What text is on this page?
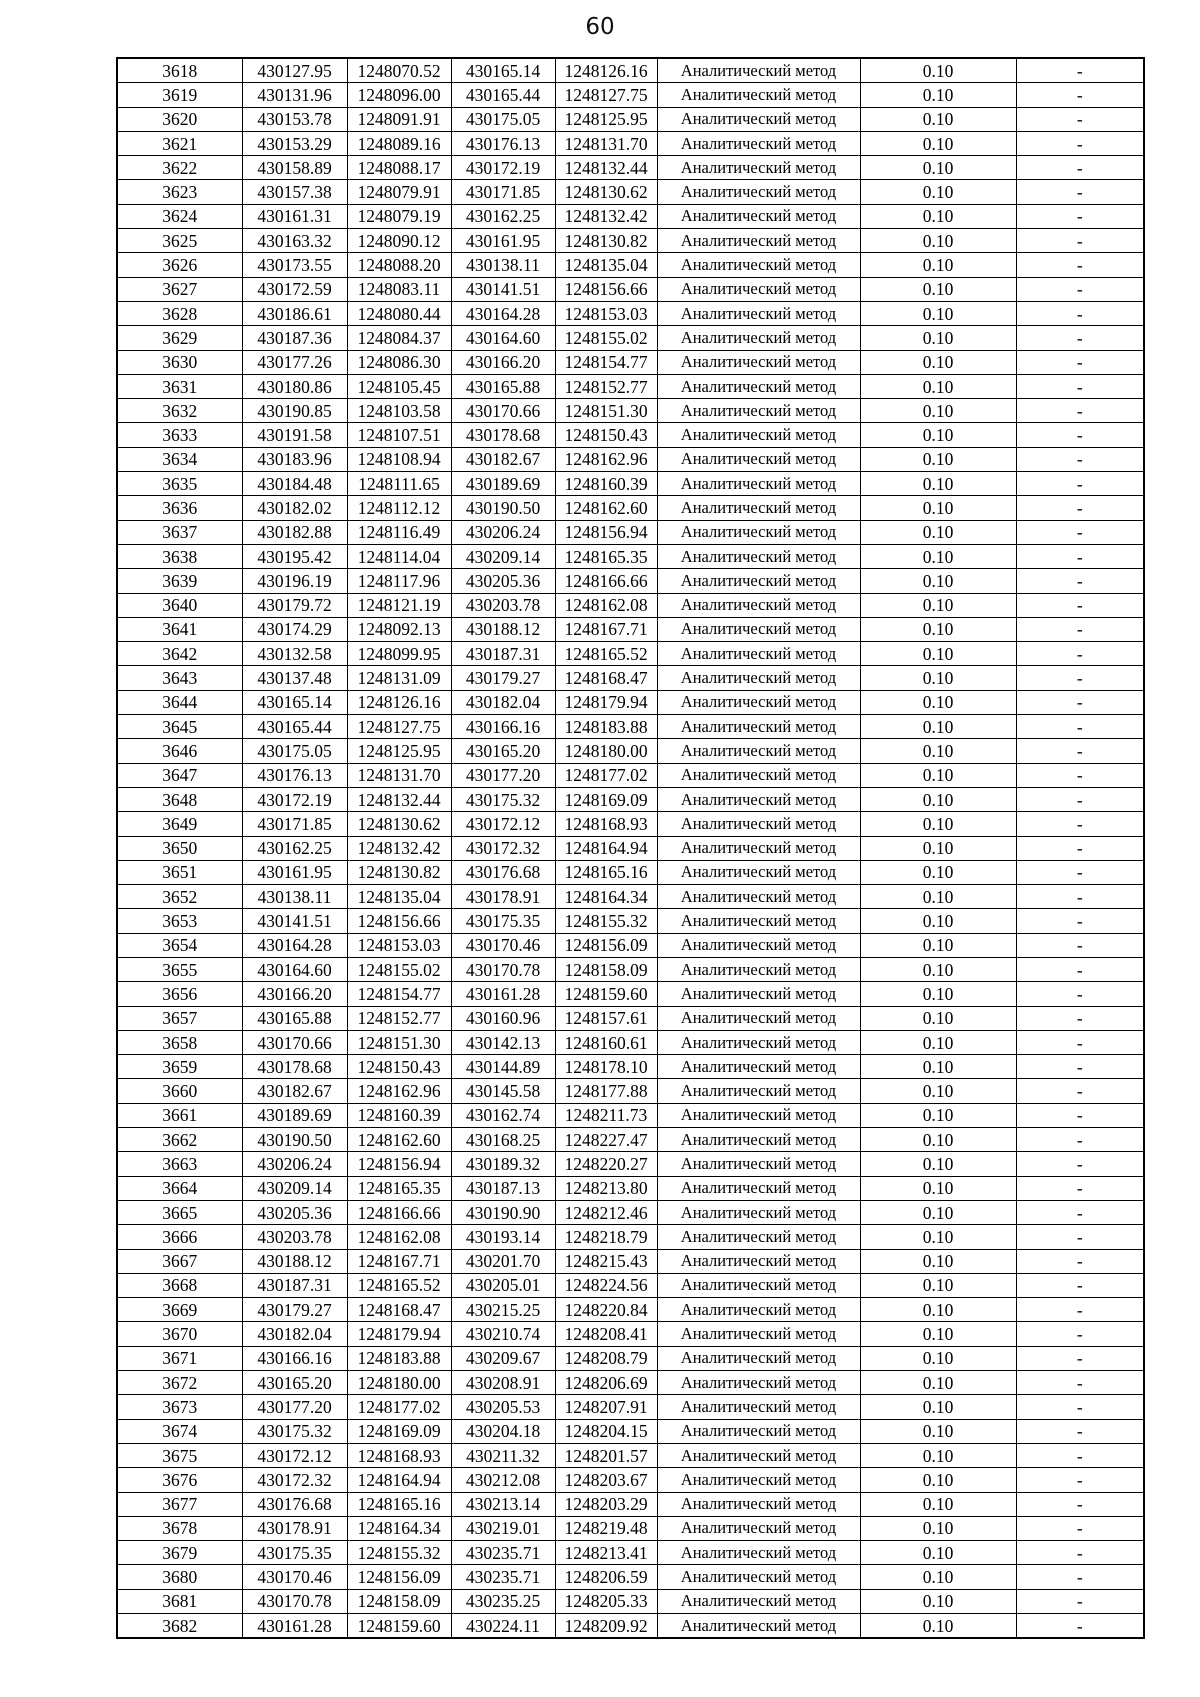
60
3618	430127.95	1248070.52	430165.14	1248126.16	Аналитический метод	0.10	-
3619	430131.96	1248096.00	430165.44	1248127.75	Аналитический метод	0.10	-
3620	430153.78	1248091.91	430175.05	1248125.95	Аналитический метод	0.10	-
3621	430153.29	1248089.16	430176.13	1248131.70	Аналитический метод	0.10	-
3622	430158.89	1248088.17	430172.19	1248132.44	Аналитический метод	0.10	-
3623	430157.38	1248079.91	430171.85	1248130.62	Аналитический метод	0.10	-
3624	430161.31	1248079.19	430162.25	1248132.42	Аналитический метод	0.10	-
3625	430163.32	1248090.12	430161.95	1248130.82	Аналитический метод	0.10	-
3626	430173.55	1248088.20	430138.11	1248135.04	Аналитический метод	0.10	-
3627	430172.59	1248083.11	430141.51	1248156.66	Аналитический метод	0.10	-
3628	430186.61	1248080.44	430164.28	1248153.03	Аналитический метод	0.10	-
3629	430187.36	1248084.37	430164.60	1248155.02	Аналитический метод	0.10	-
3630	430177.26	1248086.30	430166.20	1248154.77	Аналитический метод	0.10	-
3631	430180.86	1248105.45	430165.88	1248152.77	Аналитический метод	0.10	-
3632	430190.85	1248103.58	430170.66	1248151.30	Аналитический метод	0.10	-
3633	430191.58	1248107.51	430178.68	1248150.43	Аналитический метод	0.10	-
3634	430183.96	1248108.94	430182.67	1248162.96	Аналитический метод	0.10	-
3635	430184.48	1248111.65	430189.69	1248160.39	Аналитический метод	0.10	-
3636	430182.02	1248112.12	430190.50	1248162.60	Аналитический метод	0.10	-
3637	430182.88	1248116.49	430206.24	1248156.94	Аналитический метод	0.10	-
3638	430195.42	1248114.04	430209.14	1248165.35	Аналитический метод	0.10	-
3639	430196.19	1248117.96	430205.36	1248166.66	Аналитический метод	0.10	-
3640	430179.72	1248121.19	430203.78	1248162.08	Аналитический метод	0.10	-
3641	430174.29	1248092.13	430188.12	1248167.71	Аналитический метод	0.10	-
3642	430132.58	1248099.95	430187.31	1248165.52	Аналитический метод	0.10	-
3643	430137.48	1248131.09	430179.27	1248168.47	Аналитический метод	0.10	-
3644	430165.14	1248126.16	430182.04	1248179.94	Аналитический метод	0.10	-
3645	430165.44	1248127.75	430166.16	1248183.88	Аналитический метод	0.10	-
3646	430175.05	1248125.95	430165.20	1248180.00	Аналитический метод	0.10	-
3647	430176.13	1248131.70	430177.20	1248177.02	Аналитический метод	0.10	-
3648	430172.19	1248132.44	430175.32	1248169.09	Аналитический метод	0.10	-
3649	430171.85	1248130.62	430172.12	1248168.93	Аналитический метод	0.10	-
3650	430162.25	1248132.42	430172.32	1248164.94	Аналитический метод	0.10	-
3651	430161.95	1248130.82	430176.68	1248165.16	Аналитический метод	0.10	-
3652	430138.11	1248135.04	430178.91	1248164.34	Аналитический метод	0.10	-
3653	430141.51	1248156.66	430175.35	1248155.32	Аналитический метод	0.10	-
3654	430164.28	1248153.03	430170.46	1248156.09	Аналитический метод	0.10	-
3655	430164.60	1248155.02	430170.78	1248158.09	Аналитический метод	0.10	-
3656	430166.20	1248154.77	430161.28	1248159.60	Аналитический метод	0.10	-
3657	430165.88	1248152.77	430160.96	1248157.61	Аналитический метод	0.10	-
3658	430170.66	1248151.30	430142.13	1248160.61	Аналитический метод	0.10	-
3659	430178.68	1248150.43	430144.89	1248178.10	Аналитический метод	0.10	-
3660	430182.67	1248162.96	430145.58	1248177.88	Аналитический метод	0.10	-
3661	430189.69	1248160.39	430162.74	1248211.73	Аналитический метод	0.10	-
3662	430190.50	1248162.60	430168.25	1248227.47	Аналитический метод	0.10	-
3663	430206.24	1248156.94	430189.32	1248220.27	Аналитический метод	0.10	-
3664	430209.14	1248165.35	430187.13	1248213.80	Аналитический метод	0.10	-
3665	430205.36	1248166.66	430190.90	1248212.46	Аналитический метод	0.10	-
3666	430203.78	1248162.08	430193.14	1248218.79	Аналитический метод	0.10	-
3667	430188.12	1248167.71	430201.70	1248215.43	Аналитический метод	0.10	-
3668	430187.31	1248165.52	430205.01	1248224.56	Аналитический метод	0.10	-
3669	430179.27	1248168.47	430215.25	1248220.84	Аналитический метод	0.10	-
3670	430182.04	1248179.94	430210.74	1248208.41	Аналитический метод	0.10	-
3671	430166.16	1248183.88	430209.67	1248208.79	Аналитический метод	0.10	-
3672	430165.20	1248180.00	430208.91	1248206.69	Аналитический метод	0.10	-
3673	430177.20	1248177.02	430205.53	1248207.91	Аналитический метод	0.10	-
3674	430175.32	1248169.09	430204.18	1248204.15	Аналитический метод	0.10	-
3675	430172.12	1248168.93	430211.32	1248201.57	Аналитический метод	0.10	-
3676	430172.32	1248164.94	430212.08	1248203.67	Аналитический метод	0.10	-
3677	430176.68	1248165.16	430213.14	1248203.29	Аналитический метод	0.10	-
3678	430178.91	1248164.34	430219.01	1248219.48	Аналитический метод	0.10	-
3679	430175.35	1248155.32	430235.71	1248213.41	Аналитический метод	0.10	-
3680	430170.46	1248156.09	430235.71	1248206.59	Аналитический метод	0.10	-
3681	430170.78	1248158.09	430235.25	1248205.33	Аналитический метод	0.10	-
3682	430161.28	1248159.60	430224.11	1248209.92	Аналитический метод	0.10	-
